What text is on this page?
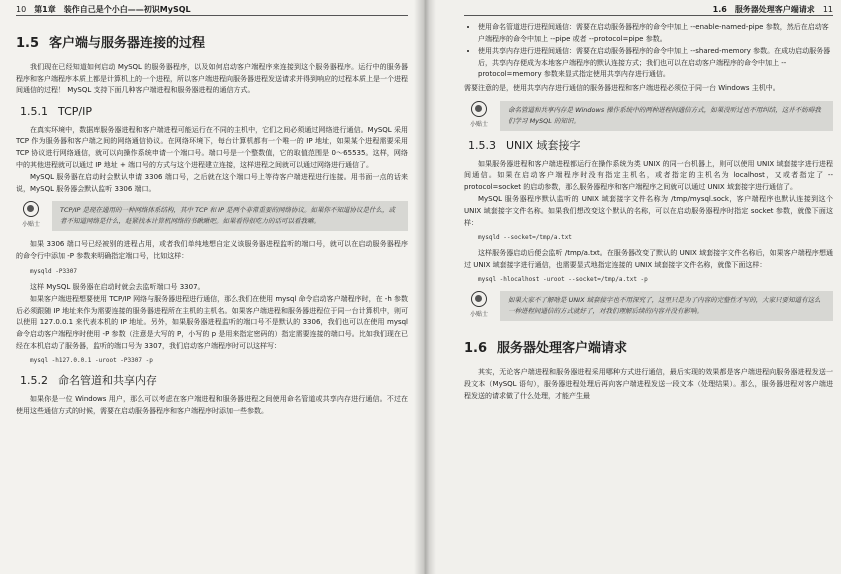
10 第1章 装作自己是个小白——初识MySQL
1.5 客户端与服务器连接的过程

我们现在已经知道如何启动 MySQL 的服务器程序，以及如何启动客户端程序来连接到这个服务器程序。运行中的服务器程序和客户端程序本质上都是计算机上的一个进程，所以客户端进程向服务器进程发送请求并得到响应的过程本质上是一个进程间通信的过程！ MySQL 支持下面几种客户端进程和服务器进程的通信方式。

1.5.1 TCP/IP

在真实环境中，数据库服务器进程和客户端进程可能运行在不同的主机中，它们之间必须通过网络进行通信。MySQL 采用 TCP 作为服务器和客户端之间的网络通信协议。在网络环境下，每台计算机都有一个唯一的 IP 地址，如果某个进程需要采用 TCP 协议进行网络通信，就可以向操作系统申请一个端口号。端口号是一个整数值，它的取值范围是 0～65535。这样，网络中的其他进程就可以通过 IP 地址 + 端口号的方式与这个进程建立连接，这样进程之间就可以通过网络进行通信了。

MySQL 服务器在启动时会默认申请 3306 端口号，之后就在这个端口号上等待客户端进程进行连接。用书面一点的话来说，MySQL 服务器会默认监听 3306 端口。

小贴士
TCP/IP 是现在通用的一种网络体系结构，其中 TCP 和 IP 是两个非常重要的网络协议。如果你不知道协议是什么，或者不知道网络是什么，赶紧找本计算机网络的书瞅瞅吧。如果看得很吃力的话可以看我嘛。

如果 3306 端口号已经被别的进程占用，或者我们单纯地想自定义该服务器进程监听的端口号，就可以在启动服务器程序的命令行中添加 -P 参数来明确指定端口号，比如这样：

mysqld -P3307

这样 MySQL 服务器在启动时就会去监听端口号 3307。

如果客户端进程想要使用 TCP/IP 网络与服务器进程进行通信，那么我们在使用 mysql 命令启动客户端程序时，在 -h 参数后必须跟随 IP 地址来作为需要连接的服务器进程所在主机的主机名。如果客户端进程和服务器进程位于同一台计算机中，则可以使用 127.0.0.1 来代表本机的 IP 地址。另外，如果服务器进程监听的端口号不是默认的 3306，我们也可以在使用 mysql 命令启动客户端程序时使用 -P 参数（注意是大写的 P，小写的 p 是用来指定密码的）指定需要连接的端口号。比如我们现在已经在本机启动了服务器，监听的端口号为 3307，我们启动客户端程序时可以这样写：

mysql -h127.0.0.1 -uroot -P3307 -p
1.5.2 命名管道和共享内存

如果你是一位 Windows 用户，那么可以考虑在客户端进程和服务器进程之间使用命名管道或共享内存进行通信。不过在使用这些通信方式的时候，需要在启动服务器程序和客户端程序时添加一些参数。

1.6 服务器处理客户端请求 11
• 使用命名管道进行进程间通信：需要在启动服务器程序的命令中加上 --enable-named-pipe 参数，然后在启动客户端程序的命令中加上 --pipe 或者 --protocol=pipe 参数。
• 使用共享内存进行进程间通信：需要在启动服务器程序的命令中加上 --shared-memory 参数。在成功启动服务器后，共享内存便成为本地客户端程序的默认连接方式；我们也可以在启动客户端程序的命令中加上 --protocol=memory 参数来显式指定使用共享内存进行通信。

需要注意的是，使用共享内存进行通信的服务器进程和客户端进程必须位于同一台 Windows 主机中。

小贴士
命名管道和共享内存是 Windows 操作系统中的两种进程间通信方式，如果没听过也不用纠结，这并不妨碍我们学习 MySQL 的知识。
1.5.3 UNIX 域套接字

如果服务器进程和客户端进程都运行在操作系统为类 UNIX 的同一台机器上，则可以使用 UNIX 域套接字进行进程间通信。如果在启动客户端程序时没有指定主机名，或者指定的主机名为 localhost，又或者指定了 --protocol=socket 的启动参数，那么服务器程序和客户端程序之间就可以通过 UNIX 域套接字进行通信了。

MySQL 服务器程序默认监听的 UNIX 域套接字文件名称为 /tmp/mysql.sock，客户端程序也默认连接到这个 UNIX 域套接字文件名称。如果我们想改变这个默认的名称，可以在启动服务器程序时指定 socket 参数，就像下面这样：

mysqld --socket=/tmp/a.txt

这样服务器启动后便会监听 /tmp/a.txt。在服务器改变了默认的 UNIX 域套接字文件名称后，如果客户端程序想通过 UNIX 域套接字进行通信，也需要显式地指定连接的 UNIX 域套接字文件名称，就像下面这样：

mysql -hlocalhost -uroot --socket=/tmp/a.txt -p
小贴士
如果大家不了解啥是 UNIX 域套接字也不用深究了，这里只是为了内容的完整性才写的，大家只要知道有这么一种进程间通信的方式就好了，对我们理解后续的内容并没有影响。
1.6 服务器处理客户端请求

其实，无论客户端进程和服务器进程采用哪种方式进行通信，最后实现的效果都是客户端进程向服务器进程发送一段文本（MySQL 语句），服务器进程处理后再向客户端进程发送一段文本（处理结果）。那么，服务器进程对客户端进程发送的请求做了什么处理，才能产生最
